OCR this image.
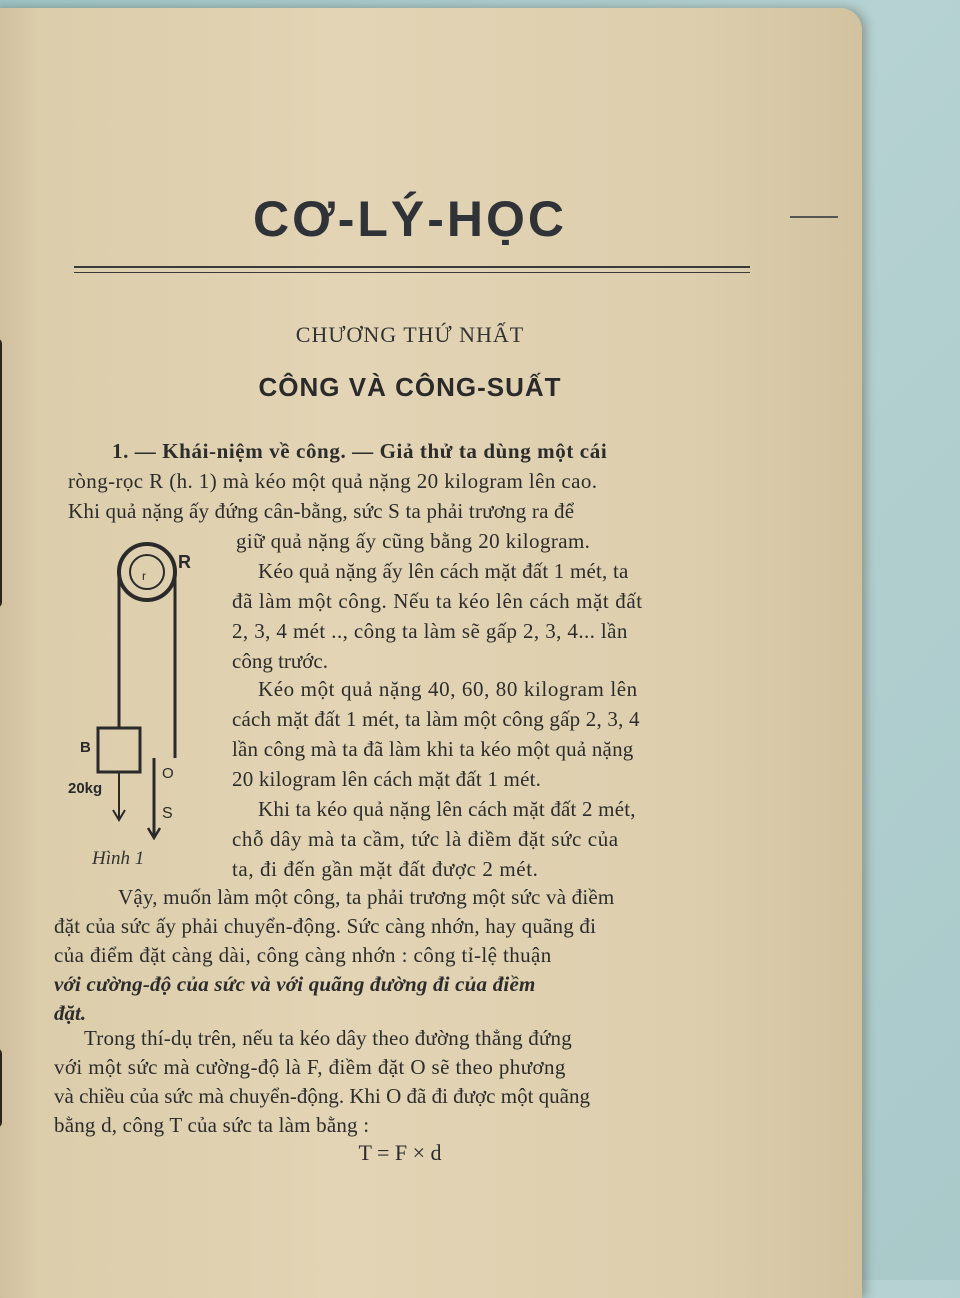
CƠ-LÝ-HỌC
CHƯƠNG THỨ NHẤT
CÔNG VÀ CÔNG-SUẤT
1. — Khái-niệm về công. — Giả thử ta dùng một cái
ròng-rọc R (h. 1) mà kéo một quả nặng 20 kilogram lên cao.
Khi quả nặng ấy đứng cân-bằng, sức S ta phải trương ra để
giữ quả nặng ấy cũng bằng 20 kilogram.
Kéo quả nặng ấy lên cách mặt đất 1 mét, ta
đã làm một công. Nếu ta kéo lên cách mặt đất
2, 3, 4 mét .., công ta làm sẽ gấp 2, 3, 4... lần
công trước.
Kéo một quả nặng 40, 60, 80 kilogram lên
cách mặt đất 1 mét, ta làm một công gấp 2, 3, 4
lần công mà ta đã làm khi ta kéo một quả nặng
20 kilogram lên cách mặt đất 1 mét.
Khi ta kéo quả nặng lên cách mặt đất 2 mét,
chỗ dây mà ta cầm, tức là điềm đặt sức của
ta, đi đến gần mặt đất được 2 mét.
Vậy, muốn làm một công, ta phải trương một sức và điềm
đặt của sức ấy phải chuyển-động. Sức càng nhớn, hay quãng đi
của điểm đặt càng dài, công càng nhớn : công tỉ-lệ thuận
với cường-độ của sức và với quãng đường đi của điềm
đặt.
Trong thí-dụ trên, nếu ta kéo dây theo đường thẳng đứng
với một sức mà cường-độ là F, điềm đặt O sẽ theo phương
và chiều của sức mà chuyển-động. Khi O đã đi được một quãng
bằng d, công T của sức ta làm bằng :
T = F × d
r
R
B
20kg
O
S
Hình 1
